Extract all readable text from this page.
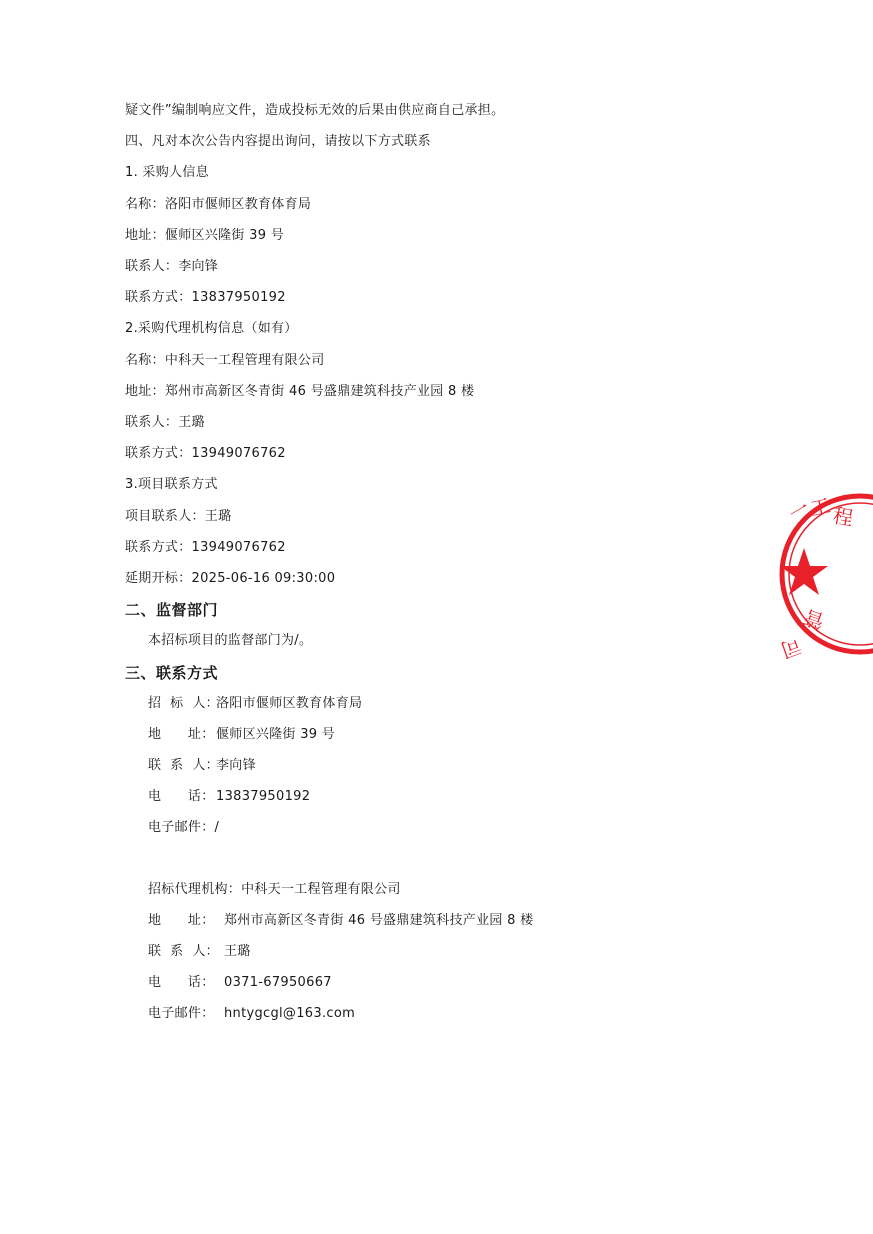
疑文件”编制响应文件，造成投标无效的后果由供应商自己承担。
四、凡对本次公告内容提出询问，请按以下方式联系
1. 采购人信息
名称：洛阳市偃师区教育体育局
地址：偃师区兴隆街 39 号
联系人：李向锋
联系方式：13837950192
2.采购代理机构信息（如有）
名称：中科天一工程管理有限公司
地址：郑州市高新区冬青街 46 号盛鼎建筑科技产业园 8 楼
联系人：王璐
联系方式：13949076762
3.项目联系方式
项目联系人：王璐
联系方式：13949076762
延期开标：2025-06-16 09:30:00
二、监督部门
本招标项目的监督部门为/。
三、联系方式
招  标  人：洛阳市偃师区教育体育局
地      址： 偃师区兴隆街 39 号
联  系  人：李向锋
电      话： 13837950192
电子邮件：/
招标代理机构：中科天一工程管理有限公司
地      址： 郑州市高新区冬青街 46 号盛鼎建筑科技产业园 8 楼
联  系  人： 王璐
电      话： 0371-67950667
电子邮件： hntygcgl@163.com
一
工
程
管
司
